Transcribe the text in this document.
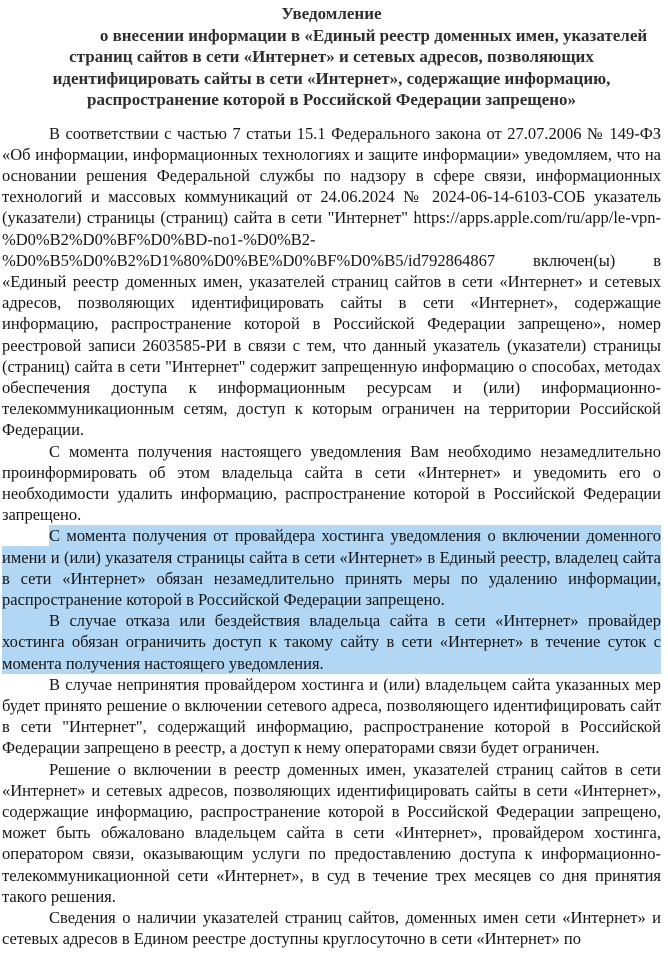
Уведомление
о внесении информации в «Единый реестр доменных имен, указателей
страниц сайтов в сети «Интернет» и сетевых адресов, позволяющих
идентифицировать сайты в сети «Интернет», содержащие информацию,
распространение которой в Российской Федерации запрещено»

В соответствии с частью 7 статьи 15.1 Федерального закона от 27.07.2006 № 149-ФЗ «Об информации, информационных технологиях и защите информации» уведомляем, что на основании решения Федеральной службы по надзору в сфере связи, информационных технологий и массовых коммуникаций от 24.06.2024 № 2024-06-14-6103-СОБ указатель (указатели) страницы (страниц) сайта в сети "Интернет" https://apps.apple.com/ru/app/le-vpn-%D0%B2%D0%BF%D0%BD-no1-%D0%B2-%D0%B5%D0%B2%D1%80%D0%BE%D0%BF%D0%B5/id792864867 включен(ы) в «Единый реестр доменных имен, указателей страниц сайтов в сети «Интернет» и сетевых адресов, позволяющих идентифицировать сайты в сети «Интернет», содержащие информацию, распространение которой в Российской Федерации запрещено», номер реестровой записи 2603585-РИ в связи с тем, что данный указатель (указатели) страницы (страниц) сайта в сети "Интернет" содержит запрещенную информацию о способах, методах обеспечения доступа к информационным ресурсам и (или) информационно-телекоммуникационным сетям, доступ к которым ограничен на территории Российской Федерации.

С момента получения настоящего уведомления Вам необходимо незамедлительно проинформировать об этом владельца сайта в сети «Интернет» и уведомить его о необходимости удалить информацию, распространение которой в Российской Федерации запрещено.

С момента получения от провайдера хостинга уведомления о включении доменного имени и (или) указателя страницы сайта в сети «Интернет» в Единый реестр, владелец сайта в сети «Интернет» обязан незамедлительно принять меры по удалению информации, распространение которой в Российской Федерации запрещено.

В случае отказа или бездействия владельца сайта в сети «Интернет» провайдер хостинга обязан ограничить доступ к такому сайту в сети «Интернет» в течение суток с момента получения настоящего уведомления.

В случае непринятия провайдером хостинга и (или) владельцем сайта указанных мер будет принято решение о включении сетевого адреса, позволяющего идентифицировать сайт в сети "Интернет", содержащий информацию, распространение которой в Российской Федерации запрещено в реестр, а доступ к нему операторами связи будет ограничен.

Решение о включении в реестр доменных имен, указателей страниц сайтов в сети «Интернет» и сетевых адресов, позволяющих идентифицировать сайты в сети «Интернет», содержащие информацию, распространение которой в Российской Федерации запрещено, может быть обжаловано владельцем сайта в сети «Интернет», провайдером хостинга, оператором связи, оказывающим услуги по предоставлению доступа к информационно-телекоммуникационной сети «Интернет», в суд в течение трех месяцев со дня принятия такого решения.

Сведения о наличии указателей страниц сайтов, доменных имен сети «Интернет» и сетевых адресов в Едином реестре доступны круглосуточно в сети «Интернет» по
